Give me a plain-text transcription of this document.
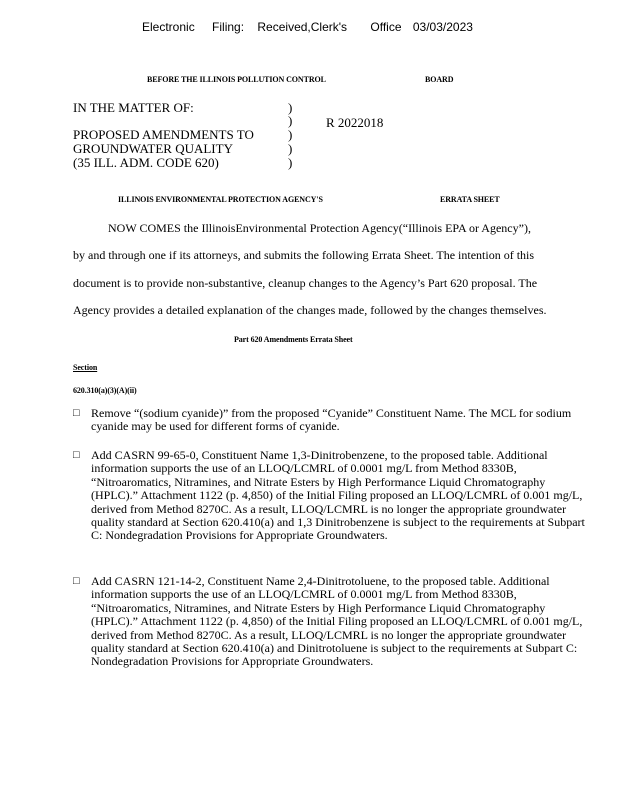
Electronic Filing: Received,Clerk's Office 03/03/2023
BEFORE THE ILLINOIS POLLUTION CONTROL	BOARD
IN THE MATTER OF:
PROPOSED AMENDMENTS TO
GROUNDWATER QUALITY
(35 ILL. ADM. CODE 620)
)
)
)
)
)
R 2022018
ILLINOIS ENVIRONMENTAL PROTECTION AGENCY'S	ERRATA SHEET
NOW COMES the IllinoisEnvironmental Protection Agency(“Illinois EPA or Agency”),
by and through one if its attorneys, and submits the following Errata Sheet. The intention of this
document is to provide non-substantive, cleanup changes to the Agency’s Part 620 proposal. The
Agency provides a detailed explanation of the changes made, followed by the changes themselves.
Part 620 Amendments Errata Sheet
Section
620.310(a)(3)(A)(ii)
□ Remove “(sodium cyanide)” from the proposed “Cyanide” Constituent Name. The MCL for sodium cyanide may be used for different forms of cyanide.
□ Add CASRN 99-65-0, Constituent Name 1,3-Dinitrobenzene, to the proposed table. Additional information supports the use of an LLOQ/LCMRL of 0.0001 mg/L from Method 8330B, “Nitroaromatics, Nitramines, and Nitrate Esters by High Performance Liquid Chromatography (HPLC).” Attachment 1122 (p. 4,850) of the Initial Filing proposed an LLOQ/LCMRL of 0.001 mg/L, derived from Method 8270C. As a result, LLOQ/LCMRL is no longer the appropriate groundwater quality standard at Section 620.410(a) and 1,3 Dinitrobenzene is subject to the requirements at Subpart C: Nondegradation Provisions for Appropriate Groundwaters.
□ Add CASRN 121-14-2, Constituent Name 2,4-Dinitrotoluene, to the proposed table. Additional information supports the use of an LLOQ/LCMRL of 0.0001 mg/L from Method 8330B, “Nitroaromatics, Nitramines, and Nitrate Esters by High Performance Liquid Chromatography (HPLC).” Attachment 1122 (p. 4,850) of the Initial Filing proposed an LLOQ/LCMRL of 0.001 mg/L, derived from Method 8270C. As a result, LLOQ/LCMRL is no longer the appropriate groundwater quality standard at Section 620.410(a) and Dinitrotoluene is subject to the requirements at Subpart C: Nondegradation Provisions for Appropriate Groundwaters.
